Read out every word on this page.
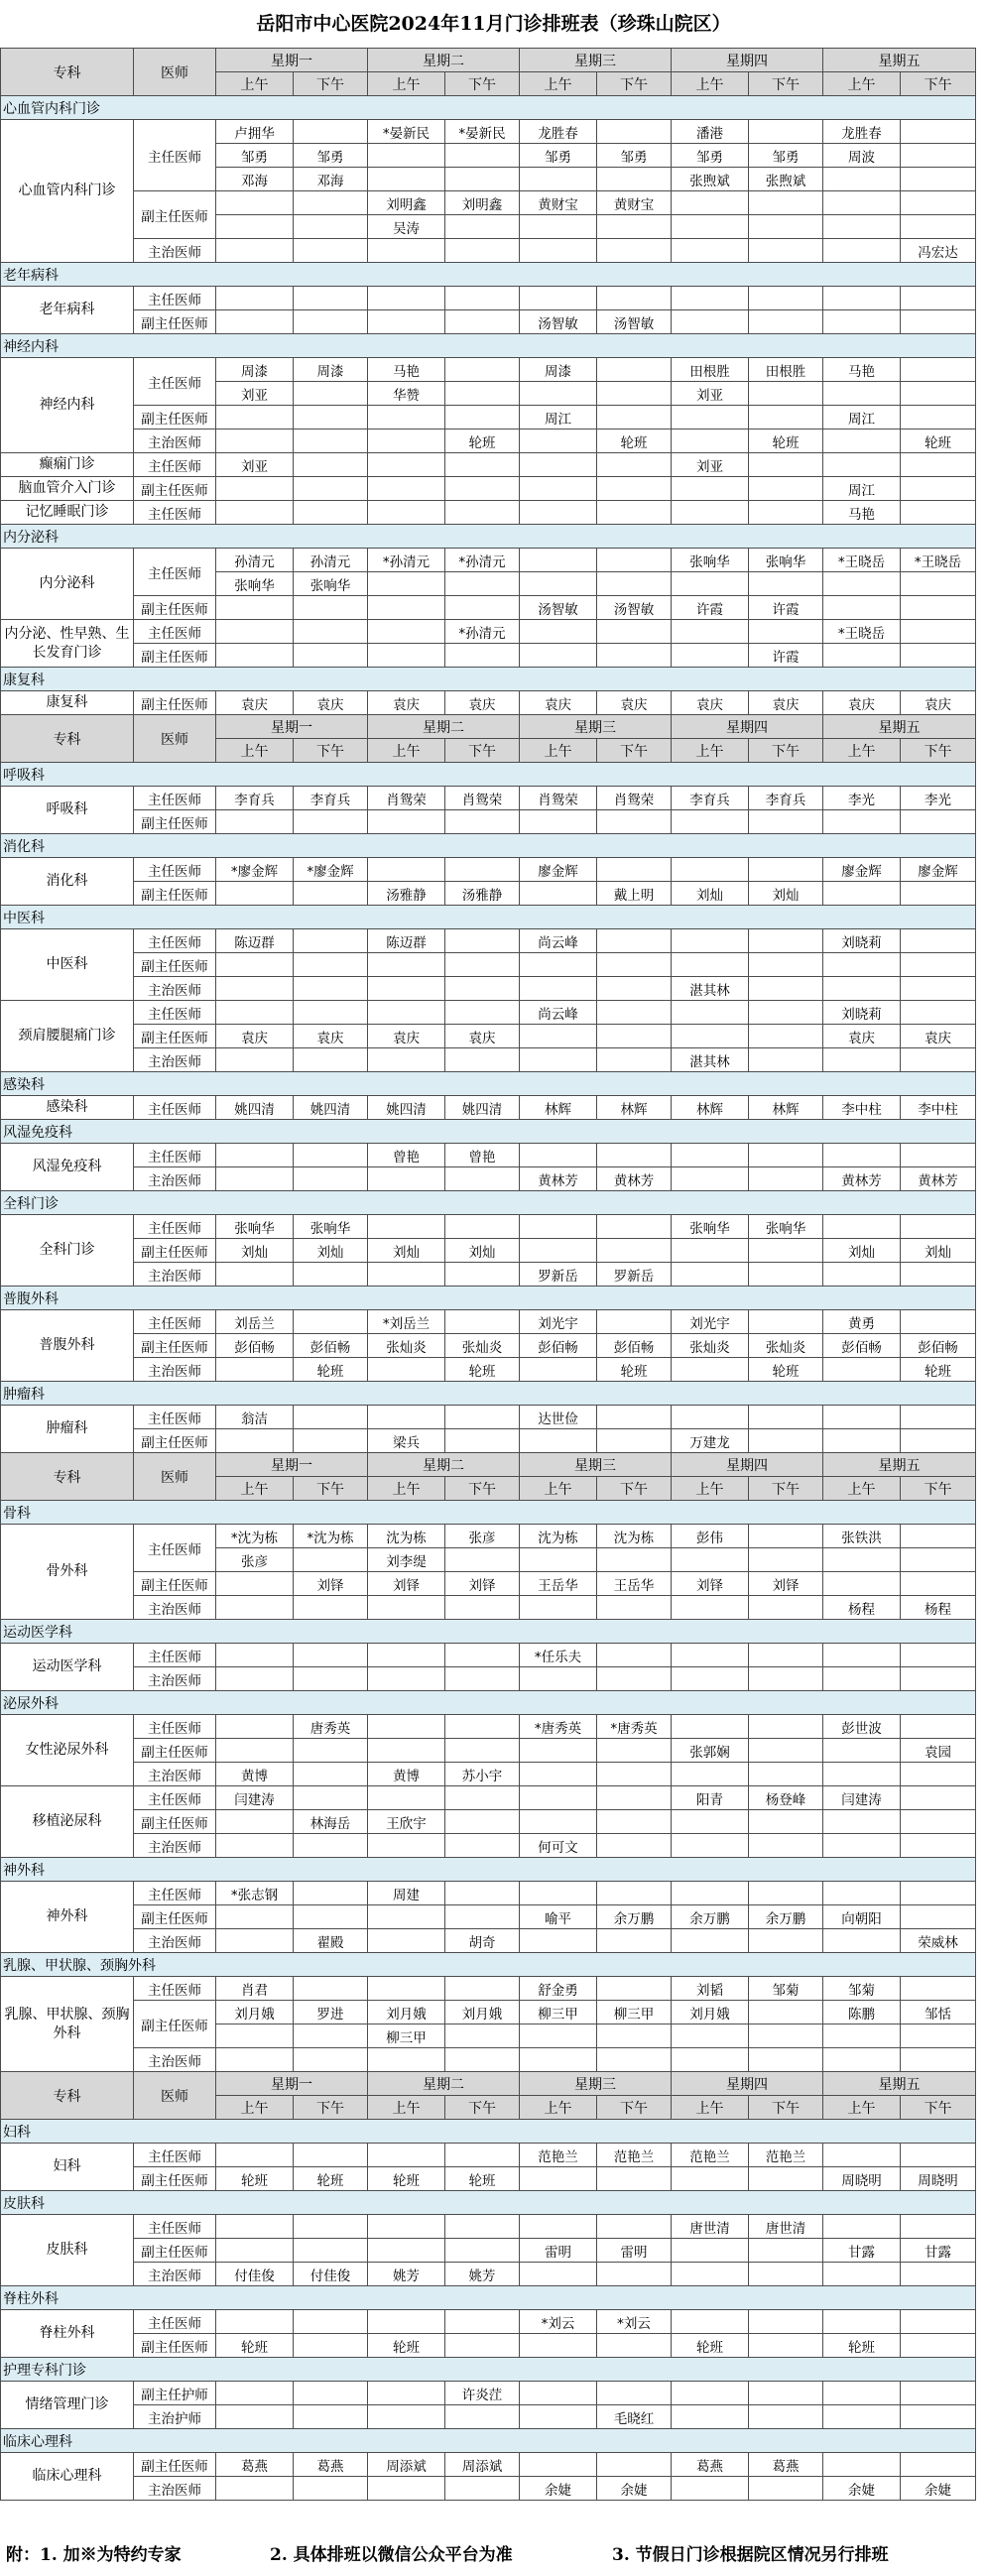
岳阳市中心医院2024年11月门诊排班表（珍珠山院区）
专科	医师	星期一		星期二		星期三		星期四		星期五	
		上午	下午	上午	下午	上午	下午	上午	下午	上午	下午
心血管内科门诊											
心血管内科门诊	主任医师	卢拥华		*晏新民	*晏新民	龙胜春		潘港		龙胜春	
		邹勇	邹勇			邹勇	邹勇	邹勇	邹勇	周波	
		邓海	邓海					张煦斌	张煦斌		
	副主任医师			刘明鑫	刘明鑫	黄财宝	黄财宝				
				吴涛							
	主治医师										冯宏达
老年病科											
老年病科	主任医师										
	副主任医师					汤智敏	汤智敏				
神经内科											
神经内科	主任医师	周漆	周漆	马艳		周漆		田根胜	田根胜	马艳	
		刘亚		华赞				刘亚			
	副主任医师					周江				周江	
	主治医师				轮班		轮班		轮班		轮班
癫痫门诊	主任医师	刘亚						刘亚			
脑血管介入门诊	副主任医师									周江	
记忆睡眠门诊	主任医师									马艳	
内分泌科											
内分泌科	主任医师	孙清元	孙清元	*孙清元	*孙清元			张响华	张响华	*王晓岳	*王晓岳
		张响华	张响华								
	副主任医师					汤智敏	汤智敏	许霞	许霞		
内分泌、性早熟、生长发育门诊	主任医师				*孙清元					*王晓岳	
	副主任医师								许霞		
康复科											
康复科	副主任医师	袁庆	袁庆	袁庆	袁庆	袁庆	袁庆	袁庆	袁庆	袁庆	袁庆
专科	医师	星期一		星期二		星期三		星期四		星期五	
		上午	下午	上午	下午	上午	下午	上午	下午	上午	下午
呼吸科											
呼吸科	主任医师	李育兵	李育兵	肖鸳荣	肖鸳荣	肖鸳荣	肖鸳荣	李育兵	李育兵	李光	李光
	副主任医师										
消化科											
消化科	主任医师	*廖金辉	*廖金辉			廖金辉				廖金辉	廖金辉
	副主任医师			汤雅静	汤雅静		戴上明	刘灿	刘灿		
中医科											
中医科	主任医师	陈迈群		陈迈群		尚云峰				刘晓莉	
	副主任医师										
	主治医师							湛其林			
颈肩腰腿痛门诊	主任医师					尚云峰				刘晓莉	
	副主任医师	袁庆	袁庆	袁庆	袁庆					袁庆	袁庆
	主治医师							湛其林			
感染科											
感染科	主任医师	姚四清	姚四清	姚四清	姚四清	林辉	林辉	林辉	林辉	李中柱	李中柱
风湿免疫科											
风湿免疫科	主任医师			曾艳	曾艳						
	主治医师					黄林芳	黄林芳			黄林芳	黄林芳
全科门诊											
全科门诊	主任医师	张响华	张响华					张响华	张响华		
	副主任医师	刘灿	刘灿	刘灿	刘灿					刘灿	刘灿
	主治医师					罗新岳	罗新岳				
普腹外科											
普腹外科	主任医师	刘岳兰		*刘岳兰		刘光宇		刘光宇		黄勇	
	副主任医师	彭佰畅	彭佰畅	张灿炎	张灿炎	彭佰畅	彭佰畅	张灿炎	张灿炎	彭佰畅	彭佰畅
	主治医师		轮班		轮班		轮班		轮班		轮班
肿瘤科											
肿瘤科	主任医师	翁洁				达世俭					
	副主任医师			梁兵				万建龙			
专科	医师	星期一		星期二		星期三		星期四		星期五	
		上午	下午	上午	下午	上午	下午	上午	下午	上午	下午
骨科											
骨外科	主任医师	*沈为栋	*沈为栋	沈为栋	张彦	沈为栋	沈为栋	彭伟		张铁洪	
		张彦		刘李缇							
	副主任医师		刘铎	刘铎	刘铎	王岳华	王岳华	刘铎	刘铎		
	主治医师									杨程	杨程
运动医学科											
运动医学科	主任医师					*任乐夫					
	主治医师										
泌尿外科											
女性泌尿外科	主任医师		唐秀英			*唐秀英	*唐秀英			彭世波	
	副主任医师							张郭娴			袁园
	主治医师	黄博		黄博	苏小宇						
移植泌尿科	主任医师	闫建涛						阳青	杨登峰	闫建涛	
	副主任医师		林海岳	王欣宇							
	主治医师					何可文					
神外科											
神外科	主任医师	*张志钢		周建							
	副主任医师					喻平	余万鹏	余万鹏	余万鹏	向朝阳	
	主治医师		翟殿		胡奇						荣威林
乳腺、甲状腺、颈胸外科											
乳腺、甲状腺、颈胸外科	主任医师	肖君				舒金勇		刘韬	邹菊	邹菊	
	副主任医师	刘月娥	罗进	刘月娥	刘月娥	柳三甲	柳三甲	刘月娥		陈鹏	邹恬
				柳三甲							
	主治医师										
专科	医师	星期一		星期二		星期三		星期四		星期五	
		上午	下午	上午	下午	上午	下午	上午	下午	上午	下午
妇科											
妇科	主任医师					范艳兰	范艳兰	范艳兰	范艳兰		
	副主任医师	轮班	轮班	轮班	轮班					周晓明	周晓明
皮肤科											
皮肤科	主任医师							唐世清	唐世清		
	副主任医师					雷明	雷明			甘露	甘露
	主治医师	付佳俊	付佳俊	姚芳	姚芳						
脊柱外科											
脊柱外科	主任医师					*刘云	*刘云				
	副主任医师	轮班		轮班				轮班		轮班	
护理专科门诊											
情绪管理门诊	副主任护师				许炎茳						
	主治护师						毛晓红				
临床心理科											
临床心理科	副主任医师	葛燕	葛燕	周添斌	周添斌			葛燕	葛燕		
	主治医师					余婕	余婕			余婕	余婕
附：1. 加※为特约专家	2. 具体排班以微信公众平台为准	3. 节假日门诊根据院区情况另行排班
